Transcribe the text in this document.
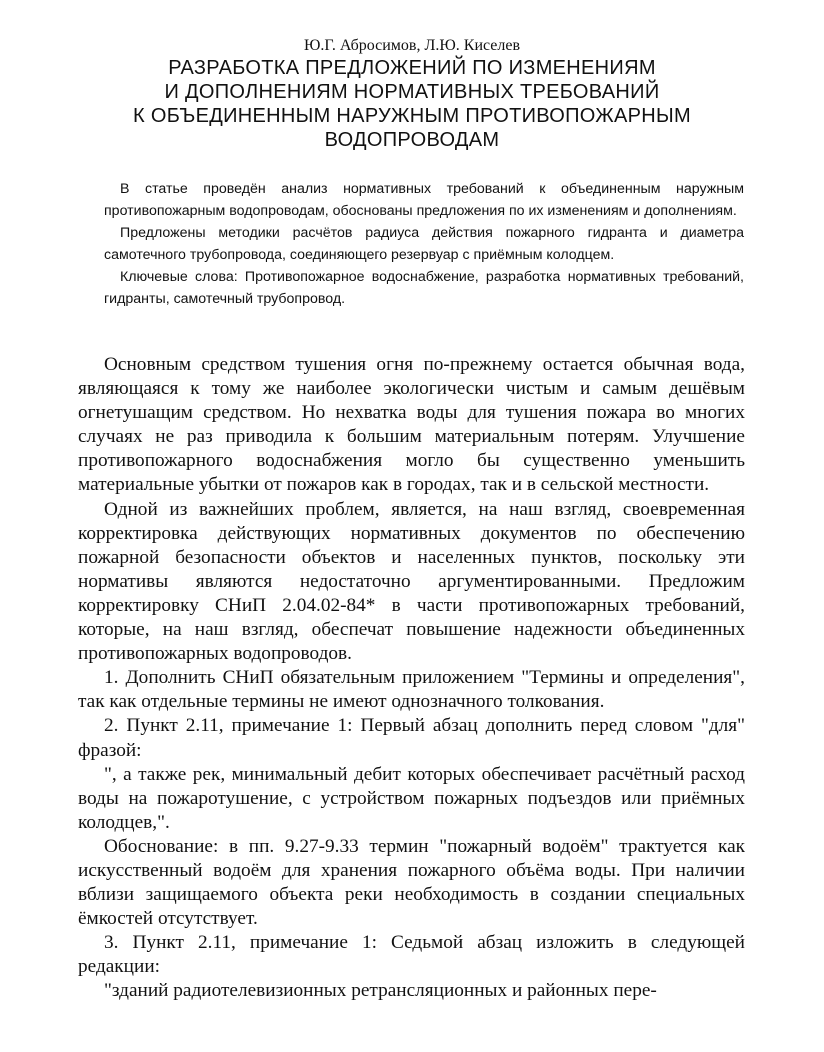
Ю.Г. Абросимов, Л.Ю. Киселев
РАЗРАБОТКА ПРЕДЛОЖЕНИЙ ПО ИЗМЕНЕНИЯМ
И ДОПОЛНЕНИЯМ НОРМАТИВНЫХ ТРЕБОВАНИЙ
К ОБЪЕДИНЕННЫМ НАРУЖНЫМ ПРОТИВОПОЖАРНЫМ
ВОДОПРОВОДАМ

В статье проведён анализ нормативных требований к объединенным наружным противопожарным водопроводам, обоснованы предложения по их изменениям и дополнениям.

Предложены методики расчётов радиуса действия пожарного гидранта и диаметра самотечного трубопровода, соединяющего резервуар с приёмным колодцем.

Ключевые слова: Противопожарное водоснабжение, разработка нормативных требований, гидранты, самотечный трубопровод.

Основным средством тушения огня по-прежнему остается обычная вода, являющаяся к тому же наиболее экологически чистым и самым дешёвым огнетушащим средством. Но нехватка воды для тушения пожара во многих случаях не раз приводила к большим материальным потерям. Улучшение противопожарного водоснабжения могло бы существенно уменьшить материальные убытки от пожаров как в городах, так и в сельской местности.

Одной из важнейших проблем, является, на наш взгляд, своевременная корректировка действующих нормативных документов по обеспечению пожарной безопасности объектов и населенных пунктов, поскольку эти нормативы являются недостаточно аргументированными. Предложим корректировку СНиП 2.04.02-84* в части противопожарных требований, которые, на наш взгляд, обеспечат повышение надежности объединенных противопожарных водопроводов.

1. Дополнить СНиП обязательным приложением "Термины и определения", так как отдельные термины не имеют однозначного толкования.

2. Пункт 2.11, примечание 1: Первый абзац дополнить перед словом "для" фразой:

", а также рек, минимальный дебит которых обеспечивает расчётный расход воды на пожаротушение, с устройством пожарных подъездов или приёмных колодцев,".

Обоснование: в пп. 9.27-9.33 термин "пожарный водоём" трактуется как искусственный водоём для хранения пожарного объёма воды. При наличии вблизи защищаемого объекта реки необходимость в создании специальных ёмкостей отсутствует.

3. Пункт 2.11, примечание 1: Седьмой абзац изложить в следующей редакции:

"зданий радиотелевизионных ретрансляционных и районных пере-
